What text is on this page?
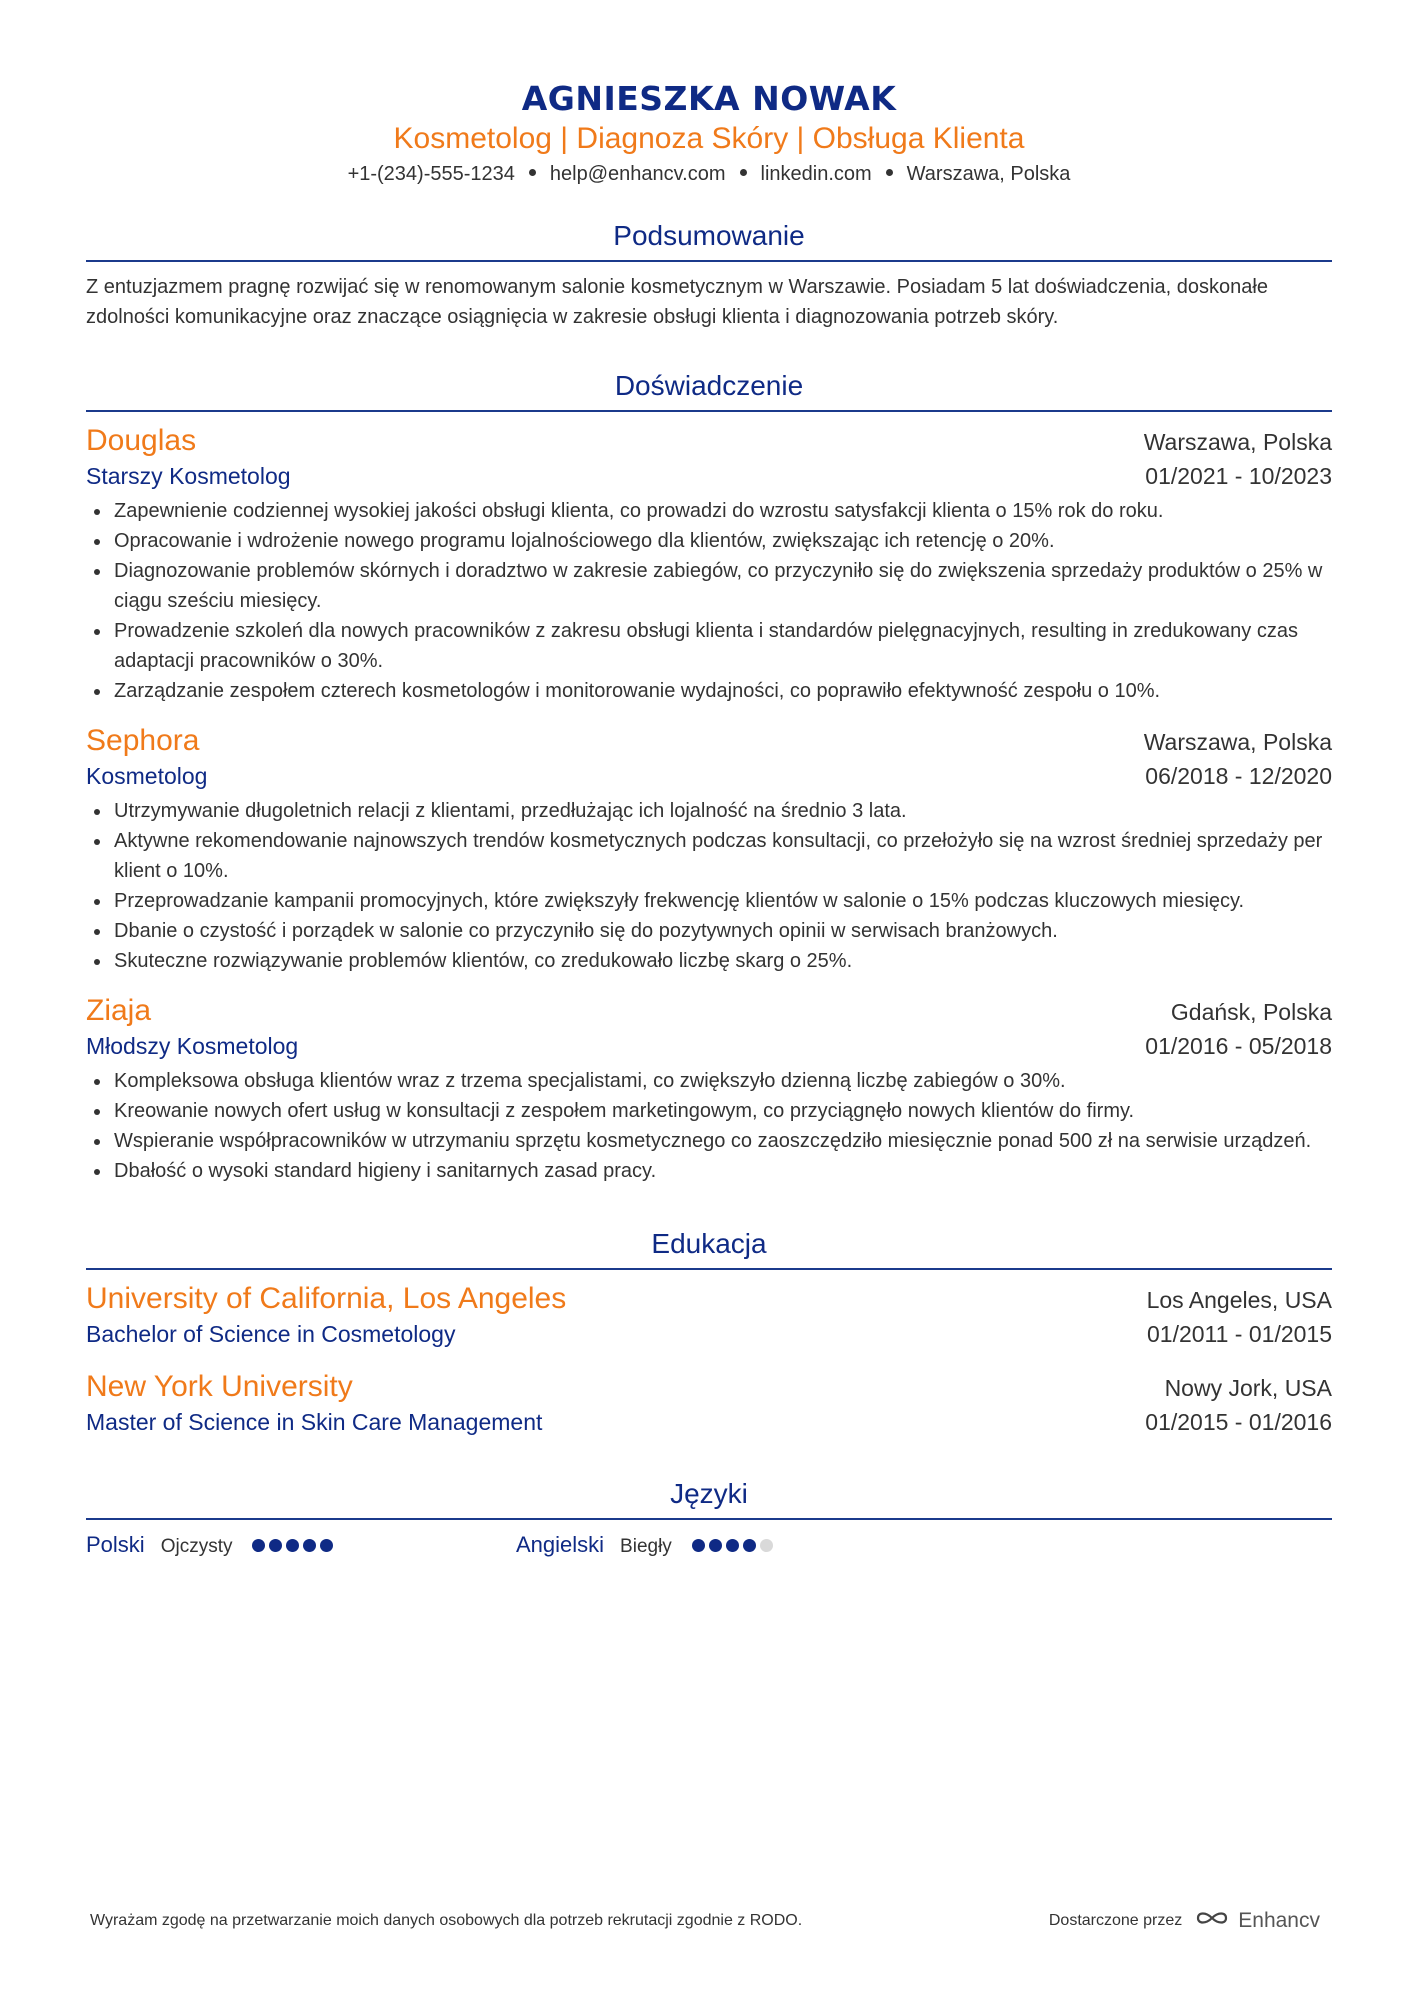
AGNIESZKA NOWAK
Kosmetolog | Diagnoza Skóry | Obsługa Klienta
+1-(234)-555-1234 help@enhancv.com linkedin.com Warszawa, Polska
Podsumowanie
Z entuzjazmem pragnę rozwijać się w renomowanym salonie kosmetycznym w Warszawie. Posiadam 5 lat doświadczenia, doskonałe zdolności komunikacyjne oraz znaczące osiągnięcia w zakresie obsługi klienta i diagnozowania potrzeb skóry.
Doświadczenie
Douglas	Warszawa, Polska
Starszy Kosmetolog	01/2021 - 10/2023
Zapewnienie codziennej wysokiej jakości obsługi klienta, co prowadzi do wzrostu satysfakcji klienta o 15% rok do roku.
Opracowanie i wdrożenie nowego programu lojalnościowego dla klientów, zwiększając ich retencję o 20%.
Diagnozowanie problemów skórnych i doradztwo w zakresie zabiegów, co przyczyniło się do zwiększenia sprzedaży produktów o 25% w ciągu sześciu miesięcy.
Prowadzenie szkoleń dla nowych pracowników z zakresu obsługi klienta i standardów pielęgnacyjnych, resulting in zredukowany czas adaptacji pracowników o 30%.
Zarządzanie zespołem czterech kosmetologów i monitorowanie wydajności, co poprawiło efektywność zespołu o 10%.
Sephora	Warszawa, Polska
Kosmetolog	06/2018 - 12/2020
Utrzymywanie długoletnich relacji z klientami, przedłużając ich lojalność na średnio 3 lata.
Aktywne rekomendowanie najnowszych trendów kosmetycznych podczas konsultacji, co przełożyło się na wzrost średniej sprzedaży per klient o 10%.
Przeprowadzanie kampanii promocyjnych, które zwiększyły frekwencję klientów w salonie o 15% podczas kluczowych miesięcy.
Dbanie o czystość i porządek w salonie co przyczyniło się do pozytywnych opinii w serwisach branżowych.
Skuteczne rozwiązywanie problemów klientów, co zredukowało liczbę skarg o 25%.
Ziaja	Gdańsk, Polska
Młodszy Kosmetolog	01/2016 - 05/2018
Kompleksowa obsługa klientów wraz z trzema specjalistami, co zwiększyło dzienną liczbę zabiegów o 30%.
Kreowanie nowych ofert usług w konsultacji z zespołem marketingowym, co przyciągnęło nowych klientów do firmy.
Wspieranie współpracowników w utrzymaniu sprzętu kosmetycznego co zaoszczędziło miesięcznie ponad 500 zł na serwisie urządzeń.
Dbałość o wysoki standard higieny i sanitarnych zasad pracy.
Edukacja
University of California, Los Angeles	Los Angeles, USA
Bachelor of Science in Cosmetology	01/2011 - 01/2015
New York University	Nowy Jork, USA
Master of Science in Skin Care Management	01/2015 - 01/2016
Języki
Polski Ojczysty	Angielski Biegły
Wyrażam zgodę na przetwarzanie moich danych osobowych dla potrzeb rekrutacji zgodnie z RODO.	Dostarczone przez	Enhancv
